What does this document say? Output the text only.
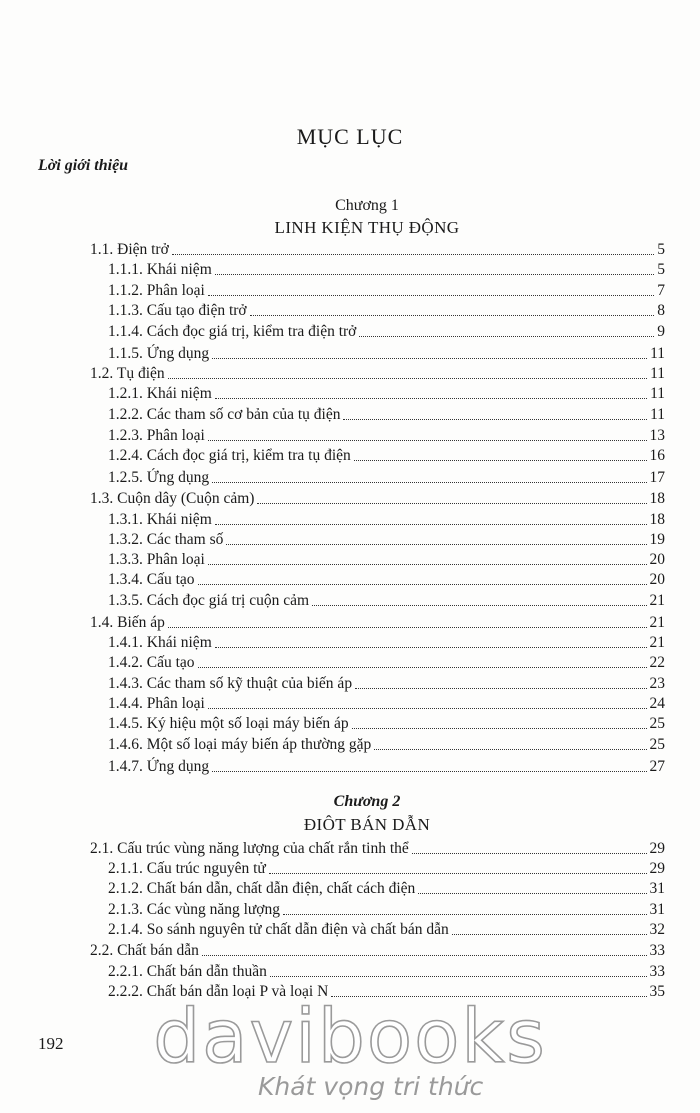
MỤC LỤC
Lời giới thiệu
Chương 1
LINH KIỆN THỤ ĐỘNG
1.1. Điện trở	5
1.1.1. Khái niệm	5
1.1.2. Phân loại	7
1.1.3. Cấu tạo điện trở	8
1.1.4. Cách đọc giá trị, kiểm tra điện trở	9
1.1.5. Ứng dụng	11
1.2. Tụ điện	11
1.2.1. Khái niệm	11
1.2.2. Các tham số cơ bản của tụ điện	11
1.2.3. Phân loại	13
1.2.4. Cách đọc giá trị, kiểm tra tụ điện	16
1.2.5. Ứng dụng	17
1.3. Cuộn dây (Cuộn cảm)	18
1.3.1. Khái niệm	18
1.3.2. Các tham số	19
1.3.3. Phân loại	20
1.3.4. Cấu tạo	20
1.3.5. Cách đọc giá trị cuộn cảm	21
1.4. Biến áp	21
1.4.1. Khái niệm	21
1.4.2. Cấu tạo	22
1.4.3. Các tham số kỹ thuật của biến áp	23
1.4.4. Phân loại	24
1.4.5. Ký hiệu một số loại máy biến áp	25
1.4.6. Một số loại máy biến áp thường gặp	25
1.4.7. Ứng dụng	27
Chương 2
ĐIÔT BÁN DẪN
2.1. Cấu trúc vùng năng lượng của chất rắn tinh thể	29
2.1.1. Cấu trúc nguyên tử	29
2.1.2. Chất bán dẫn, chất dẫn điện, chất cách điện	31
2.1.3. Các vùng năng lượng	31
2.1.4. So sánh nguyên tử chất dẫn điện và chất bán dẫn	32
2.2. Chất bán dẫn	33
2.2.1. Chất bán dẫn thuần	33
2.2.2. Chất bán dẫn loại P và loại N	35
192	davibooks
Khát vọng tri thức
